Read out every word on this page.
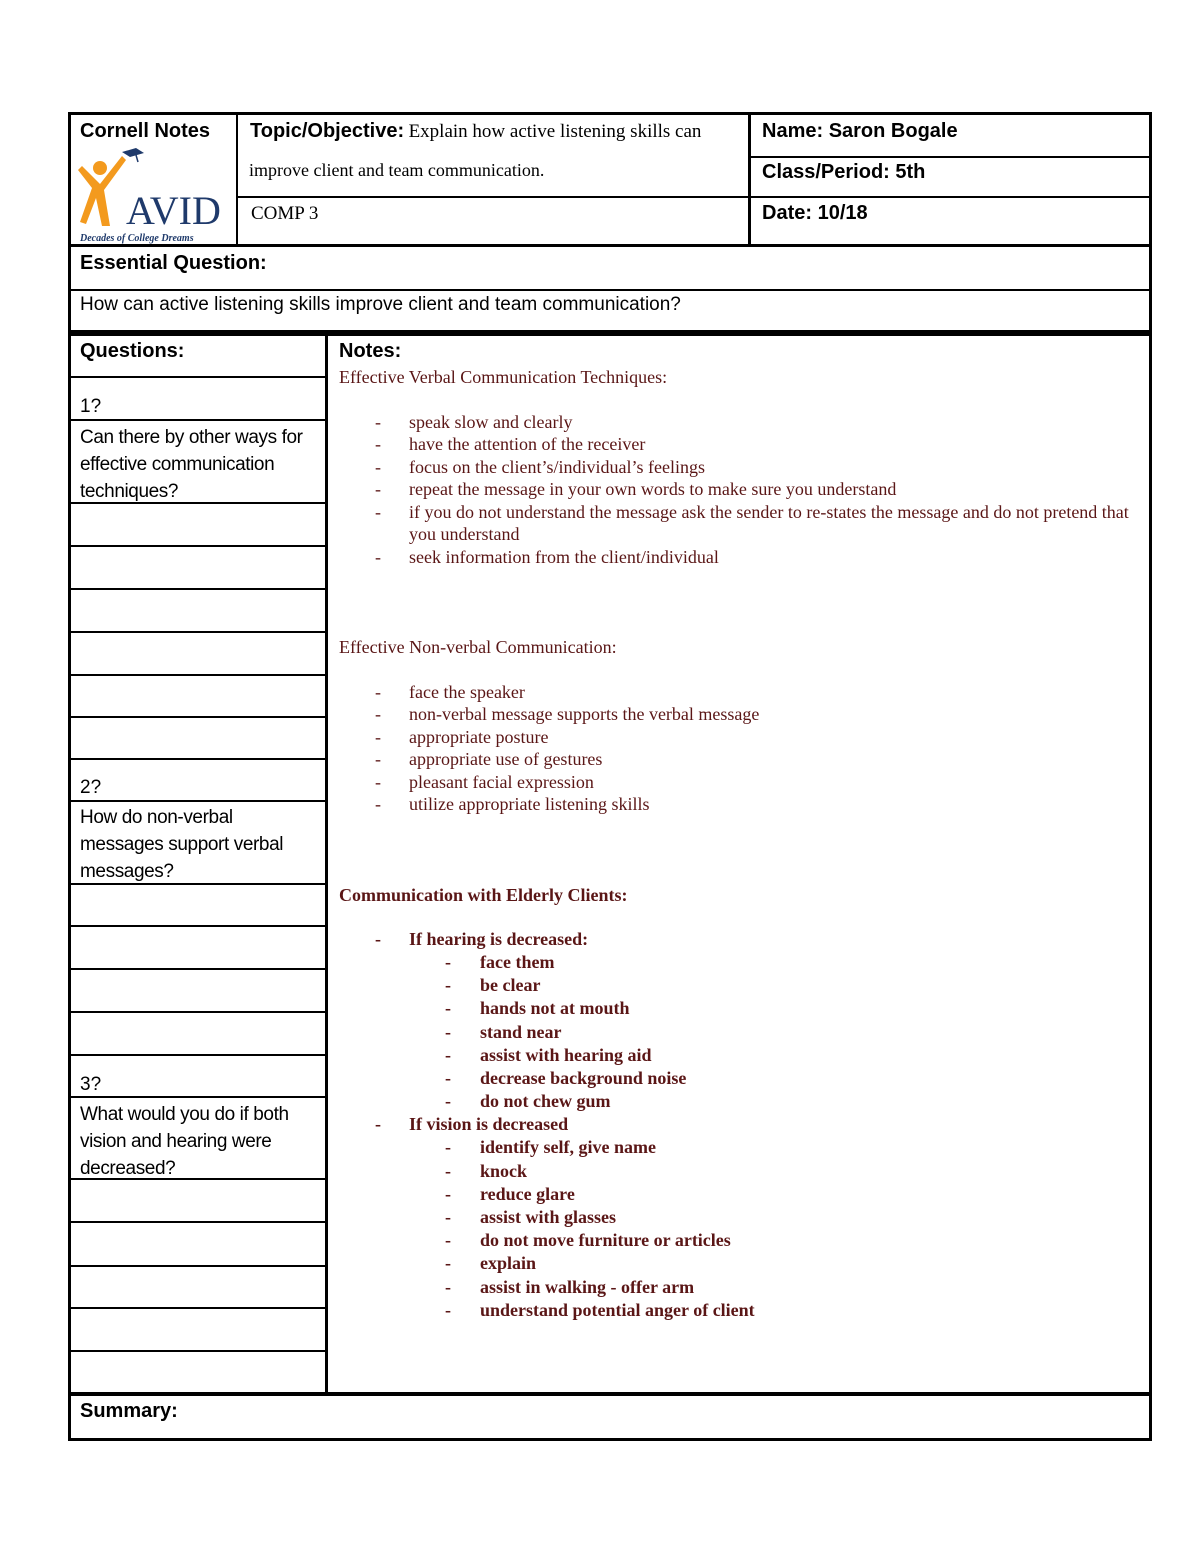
Cornell Notes
AVID
Decades of College Dreams
Topic/Objective: Explain how active listening skills can
improve client and team communication.
COMP 3
Name: Saron Bogale
Class/Period: 5th
Date: 10/18
Essential Question:
How can active listening skills improve client and team communication?
Questions:
1?
Can there by other ways for effective communication techniques?
2?
How do non-verbal messages support verbal messages?
3?
What would you do if both vision and hearing were decreased?
Notes:
Effective Verbal Communication Techniques:
- speak slow and clearly
- have the attention of the receiver
- focus on the client’s/individual’s feelings
- repeat the message in your own words to make sure you understand
- if you do not understand the message ask the sender to re-states the message and do not pretend that you understand
- seek information from the client/individual
Effective Non-verbal Communication:
- face the speaker
- non-verbal message supports the verbal message
- appropriate posture
- appropriate use of gestures
- pleasant facial expression
- utilize appropriate listening skills
Communication with Elderly Clients:
- If hearing is decreased:
- face them
- be clear
- hands not at mouth
- stand near
- assist with hearing aid
- decrease background noise
- do not chew gum
- If vision is decreased
- identify self, give name
- knock
- reduce glare
- assist with glasses
- do not move furniture or articles
- explain
- assist in walking - offer arm
- understand potential anger of client
Summary:
